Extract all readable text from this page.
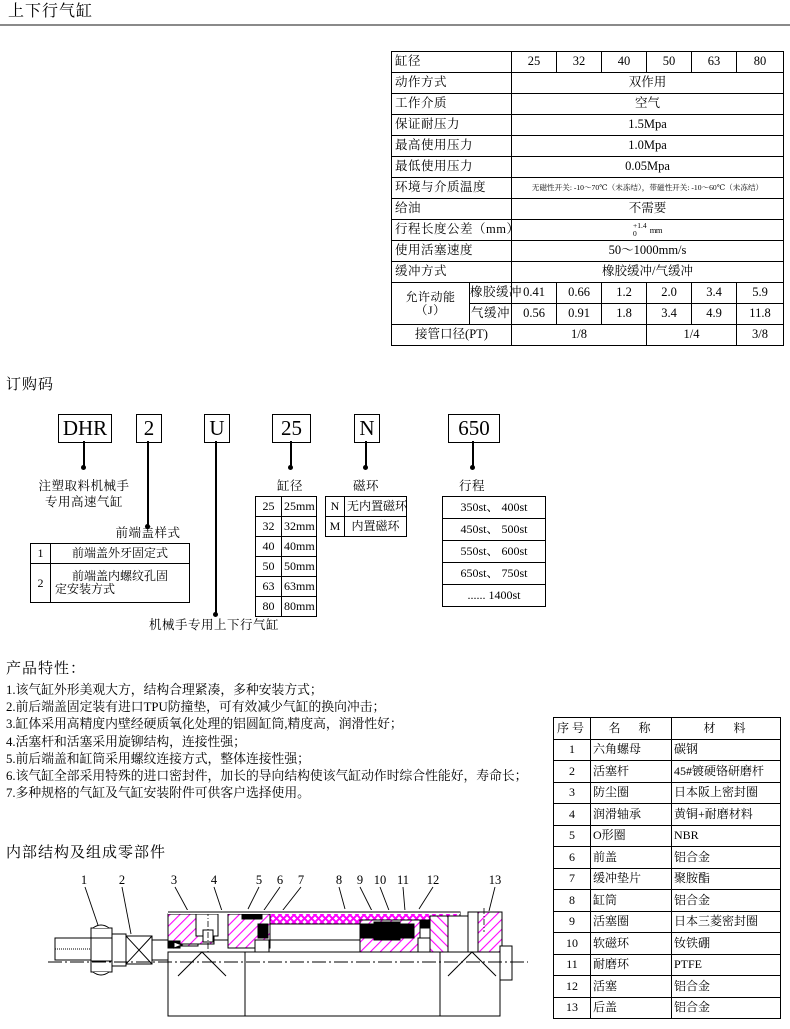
上下行气缸
缸径		25	32	40	50	63	80
动作方式		双作用					
工作介质		空气					
保证耐压力		1.5Mpa					
最高使用压力		1.0Mpa					
最低使用压力		0.05Mpa					
环境与介质温度		无磁性开关: -10～70℃（未冻结），带磁性开关: -10～60℃（未冻结）					
给油		不需要					
行程长度公差（mm）		+1.4
0 mm					
使用活塞速度		50～1000mm/s					
缓冲方式		橡胶缓冲/气缓冲					

允许动能
（J）	橡胶缓冲	0.41	0.66	1.2	2.0	3.4	5.9
	气缓冲	0.56	0.91	1.8	3.4	4.9	11.8
接管口径(PT)		1/8			1/4		3/8
订购码
DHR	2	U	25	N	650
注塑取料机械手
专用高速气缸
前端盖样式
1	前端盖外牙固定式
2	前端盖内螺纹孔固
定安装方式
机械手专用上下行气缸
缸径
25	25mm
32	32mm
40	40mm
50	50mm
63	63mm
80	80mm
磁环
N	无内置磁环
M	内置磁环
行程
350st、 400st
450st、 500st
550st、 600st
650st、 750st
...... 1400st
产品特性：
1.该气缸外形美观大方，结构合理紧凑，多种安装方式；
2.前后端盖固定装有进口TPU防撞垫，可有效减少气缸的换向冲击；
3.缸体采用高精度内壁经硬质氧化处理的铝圆缸筒,精度高，润滑性好；
4.活塞杆和活塞采用旋铆结构，连接性强；
5.前后端盖和缸筒采用螺纹连接方式，整体连接性强；
6.该气缸全部采用特殊的进口密封件，加长的导向结构使该气缸动作时综合性能好，寿命长；
7.多种规格的气缸及气缸安装附件可供客户选择使用。
序号	名　称	材　料
1	六角螺母	碳钢
2	活塞杆	45#镀硬铬研磨杆
3	防尘圈	日本阪上密封圈
4	润滑轴承	黄铜+耐磨材料
5	O形圈	NBR
6	前盖	铝合金
7	缓冲垫片	聚胺酯
8	缸筒	铝合金
9	活塞圈	日本三菱密封圈
10	软磁环	钕铁硼
11	耐磨环	PTFE
12	活塞	铝合金
13	后盖	铝合金
内部结构及组成零部件
1	2	3	4	5	6	7	8	9 10 11 12	13
